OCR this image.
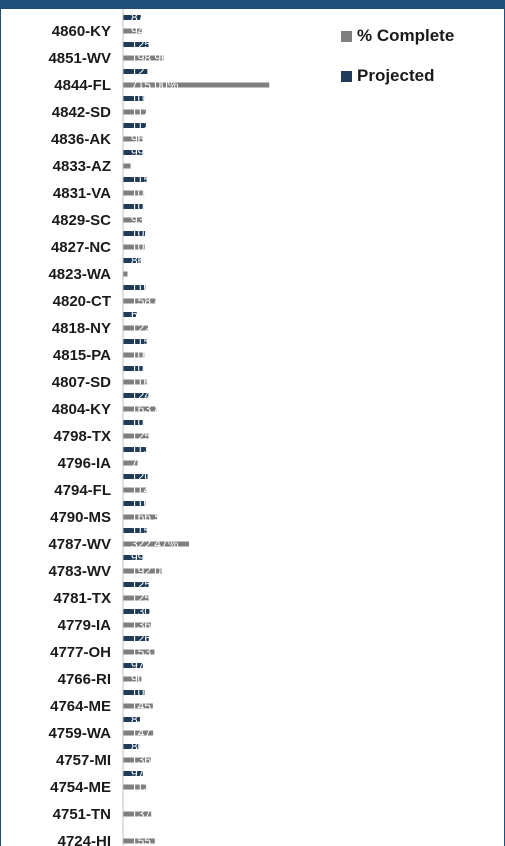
4860-KY
4851-WV
4844-FL
4842-SD
4836-AK
4833-AZ
4831-VA
4829-SC
4827-NC
4823-WA
4820-CT
4818-NY
4815-PA
4807-SD
4804-KY
4798-TX
4796-IA
4794-FL
4790-MS
4787-WV
4783-WV
4781-TX
4779-IA
4777-OH
4766-RI
4764-ME
4759-WA
4757-MI
4754-ME
4751-TN
4724-HI
94
198.96%
715.00%
112
96
37
103
93
106
22
158.4
122
104
116
163.8
125
71
114
166.5
322.47%
192.00%
125
136.9
153.8
90
145.9
147.5
136
113
137.7
155.5
87
125
121
103
112
99
115
101
108
86
110
67
115
101
124
101
113
120
110
115
99
125
130
126
97
105
83
80
97
% Complete
Projected
